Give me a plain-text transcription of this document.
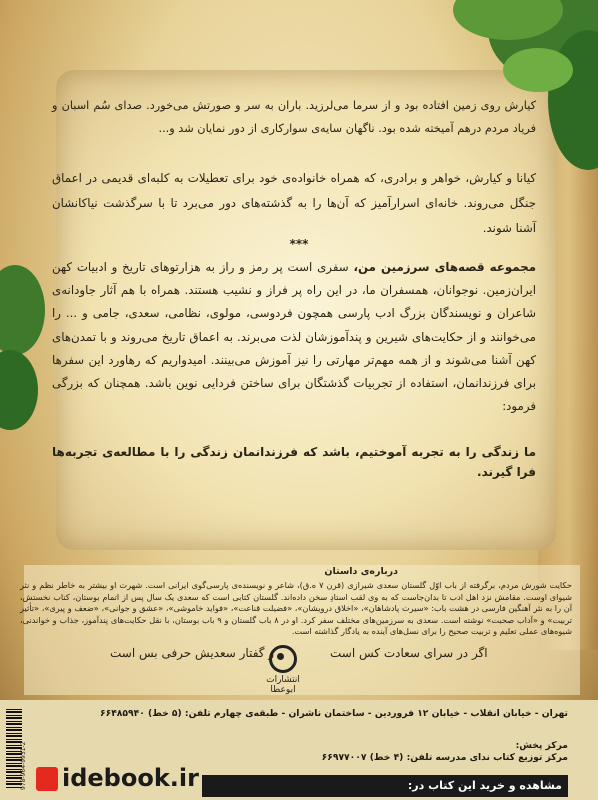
کیارش روی زمین افتاده بود و از سرما می‌لرزید. باران به سر و صورتش می‌خورد. صدای سُم اسبان و فریاد مردم درهم آمیخته شده بود. ناگهان سایه‌ی سوارکاری از دور نمایان شد و...
کیانا و کیارش، خواهر و برادری، که همراه خانواده‌ی خود برای تعطیلات به کلبه‌ای قدیمی در اعماق جنگل می‌روند. خانه‌ای اسرارآمیز که آن‌ها را به گذشته‌های دور می‌برد تا با سرگذشت نیاکانشان آشنا شوند.
***
مجموعه قصه‌های سرزمین من، سفری است پر رمز و راز به هزارتوهای تاریخ و ادبیات کهن ایران‌زمین. نوجوانان، همسفران ما، در این راه پر فراز و نشیب هستند. همراه با هم آثار جاودانه‌ی شاعران و نویسندگان بزرگ ادب پارسی همچون فردوسی، مولوی، نظامی، سعدی، جامی و ... را می‌خوانند و از حکایت‌های شیرین و پندآموزشان لذت می‌برند. به اعماق تاریخ می‌روند و با تمدن‌های کهن آشنا می‌شوند و از همه مهم‌تر مهارتی را نیز آموزش می‌بینند. امیدواریم که رهاورد این سفرها برای فرزندانمان، استفاده از تجربیات گذشتگان برای ساختن فردایی نوین باشد. همچنان که بزرگی فرمود:
ما زندگی را به تجربه آموختیم، باشد که فرزندانمان زندگی را با مطالعه‌ی تجربه‌ها فرا گیرند.
درباره‌ی داستان
حکایت شورش مردم، برگرفته از باب اوّل گلستان سعدی شیرازی (قرن ۷ ه.ق)، شاعر و نویسنده‌ی پارسی‌گوی ایرانی است. شهرت او بیشتر به خاطر نظم و نثر شیوای اوست. مقامش نزد اهل ادب تا بدان‌جاست که به وی لقب استادِ سخن داده‌اند. گلستان کتابی است که سعدی یک سال پس از اتمام بوستان، کتاب نخستش، آن را به نثر آهنگین فارسی در هشت باب: «سیرت پادشاهان»، «اخلاق درویشان»، «فضیلت قناعت»، «فواید خاموشی»، «عشق و جوانی»، «ضعف و پیری»، «تأثیر تربیت» و «آداب صحبت» نوشته است. سعدی به سرزمین‌های مختلف سفر کرد. او در ۸ باب گلستان و ۹ باب بوستان، با نقل حکایت‌های پندآموز، جذاب و خواندنی، شیوه‌های عملی تعلیم و تربیت صحیح را برای نسل‌های آینده به یادگار گذاشته است.
اگر در سرای سعادت کس است
انتشارات ابوعطا
ز گفتار سعدیش حرفی بس است
978-964-9931-2
تهران - خیابان انقلاب - خیابان ۱۲ فروردین - ساختمان ناشران - طبقه‌ی چهارم تلفن: (۵ خط) ۶۶۴۸۵۹۴۰
مرکز پخش:
مرکز توزیع کتاب ندای مدرسه تلفن: (۴ خط) ۶۶۹۷۷۰۰۷
idebook.ir	مشاهده و خرید این کتاب در:
